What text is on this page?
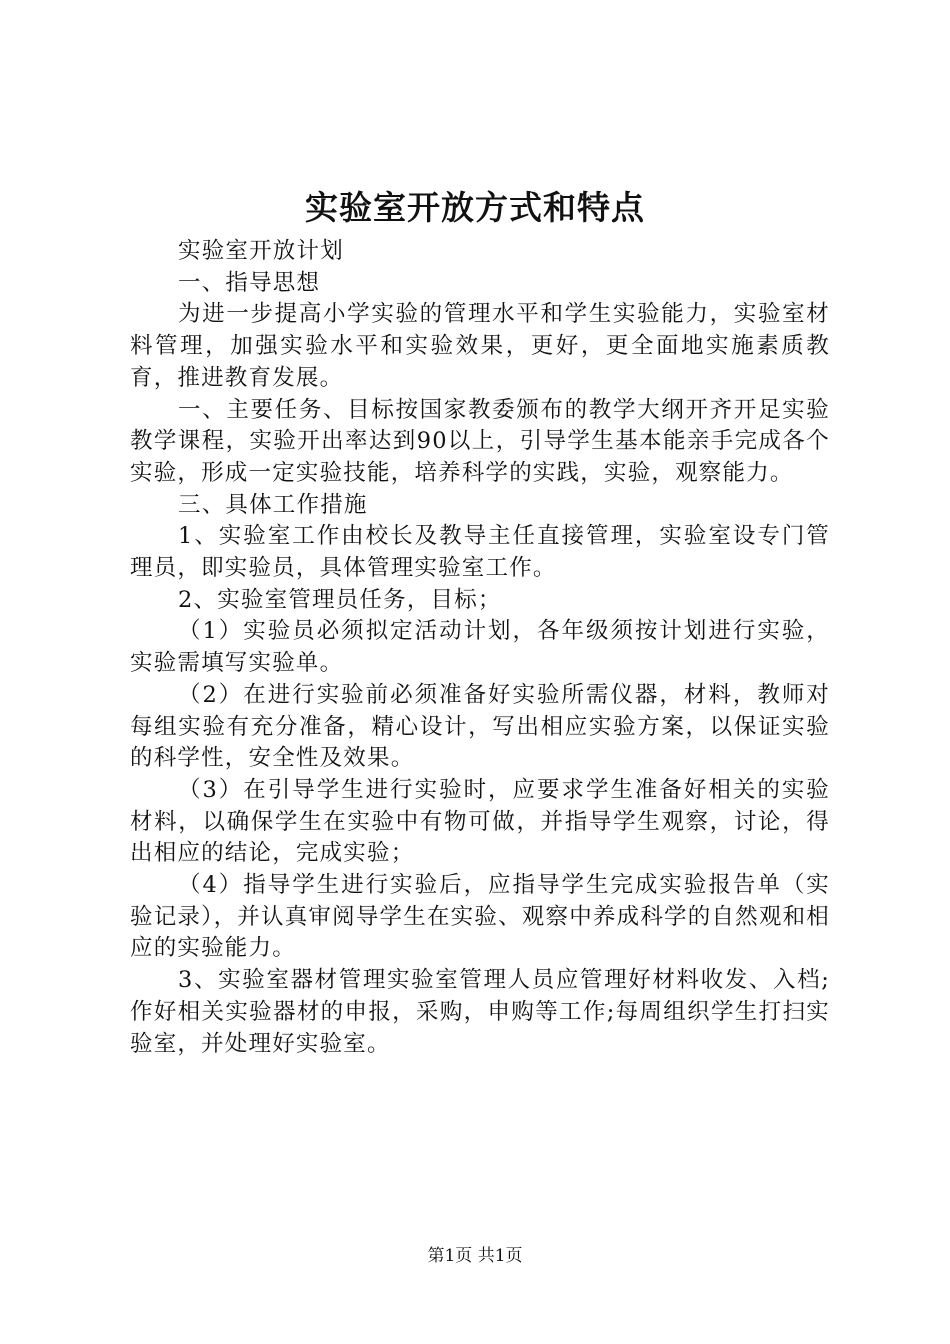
实验室开放方式和特点

实验室开放计划

一、指导思想

为进一步提高小学实验的管理水平和学生实验能力，实验室材料管理，加强实验水平和实验效果，更好，更全面地实施素质教育，推进教育发展。

一、主要任务、目标按国家教委颁布的教学大纲开齐开足实验教学课程，实验开出率达到90以上，引导学生基本能亲手完成各个实验，形成一定实验技能，培养科学的实践，实验，观察能力。

三、具体工作措施

1、实验室工作由校长及教导主任直接管理，实验室设专门管理员，即实验员，具体管理实验室工作。

2、实验室管理员任务，目标；

（1）实验员必须拟定活动计划，各年级须按计划进行实验，实验需填写实验单。

（2）在进行实验前必须准备好实验所需仪器，材料，教师对每组实验有充分准备，精心设计，写出相应实验方案，以保证实验的科学性，安全性及效果。

（3）在引导学生进行实验时，应要求学生准备好相关的实验材料，以确保学生在实验中有物可做，并指导学生观察，讨论，得出相应的结论，完成实验；

（4）指导学生进行实验后，应指导学生完成实验报告单（实验记录），并认真审阅导学生在实验、观察中养成科学的自然观和相应的实验能力。

3、实验室器材管理实验室管理人员应管理好材料收发、入档;作好相关实验器材的申报，采购，申购等工作;每周组织学生打扫实验室，并处理好实验室。

第1页 共1页
